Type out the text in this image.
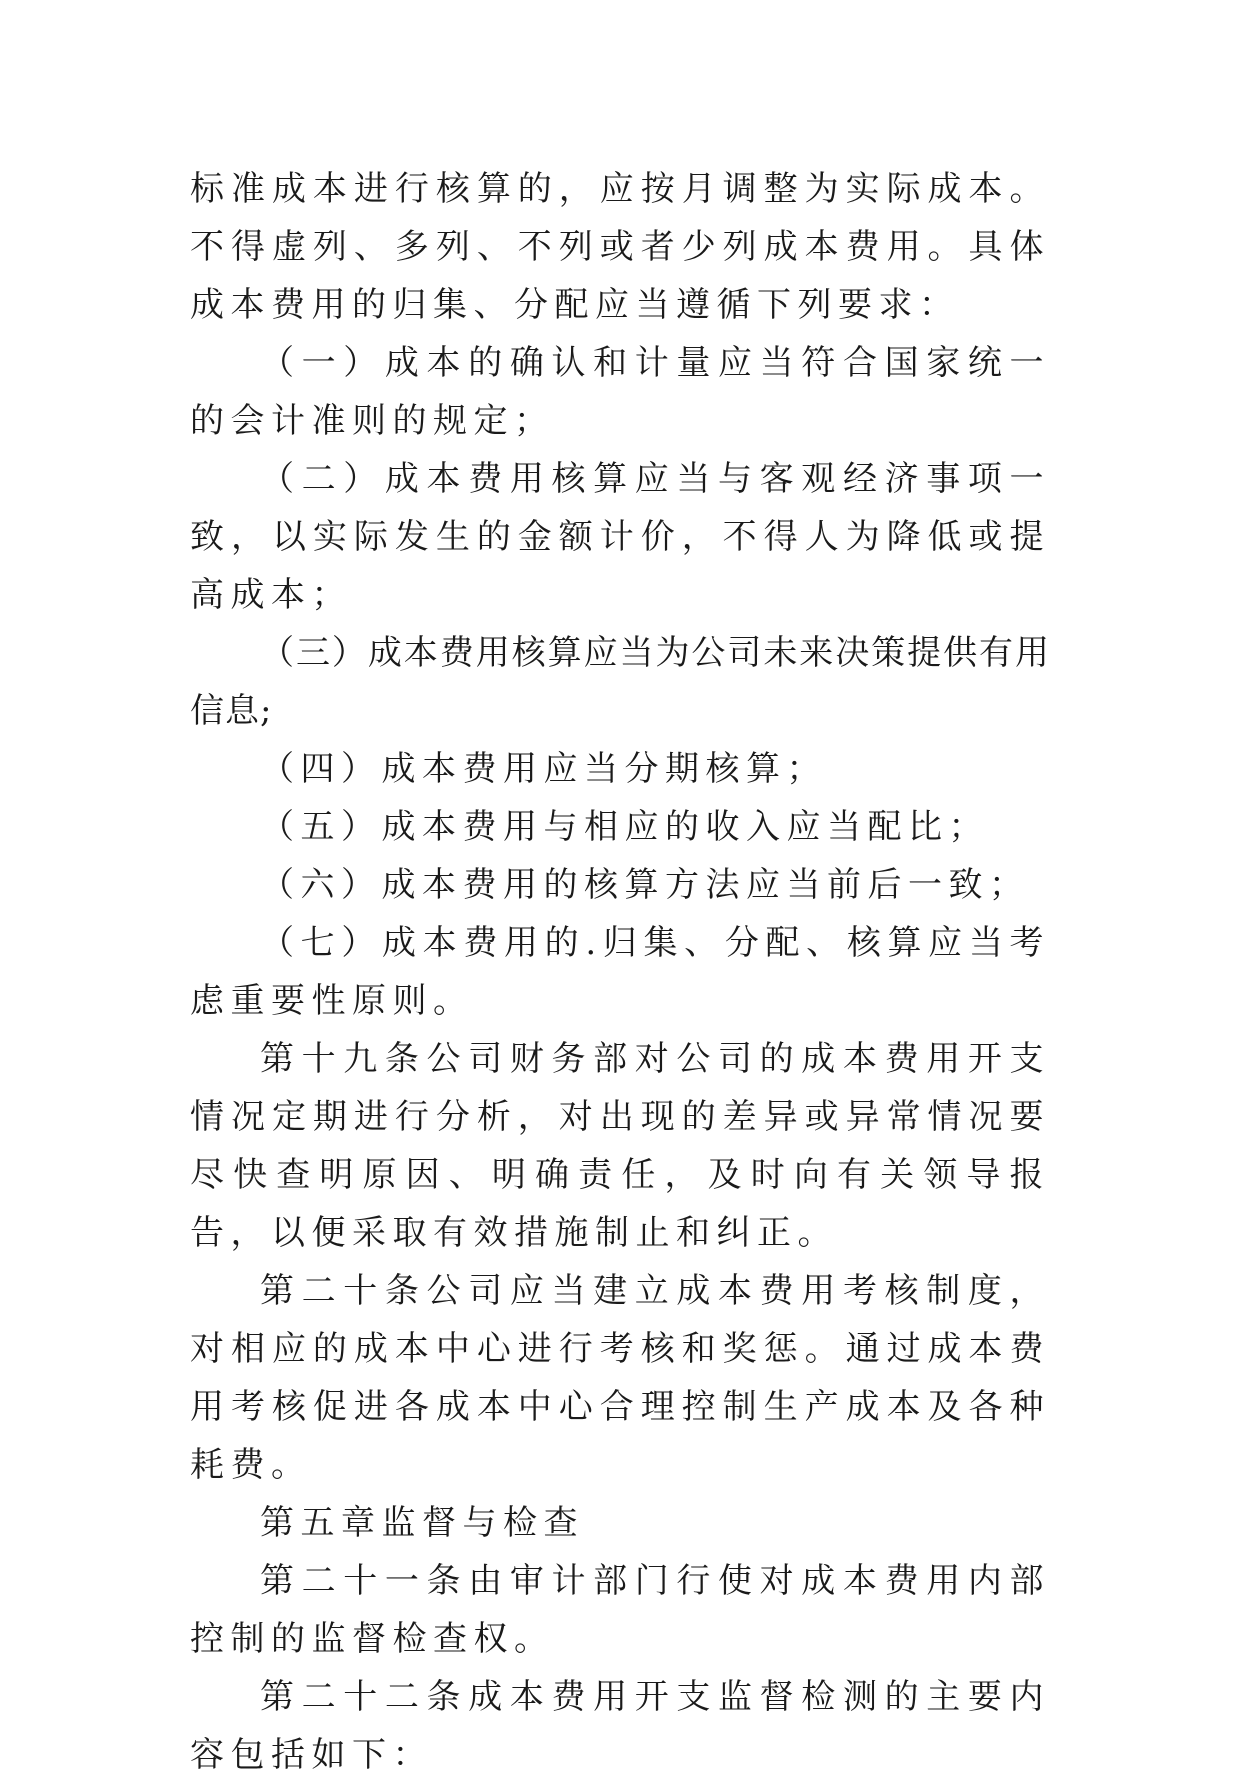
标准成本进行核算的，应按月调整为实际成本。不得虚列、多列、不列或者少列成本费用。具体成本费用的归集、分配应当遵循下列要求：

（一）成本的确认和计量应当符合国家统一的会计准则的规定；

（二）成本费用核算应当与客观经济事项一致，以实际发生的金额计价，不得人为降低或提高成本；

（三）成本费用核算应当为公司未来决策提供有用信息;

（四）成本费用应当分期核算；

（五）成本费用与相应的收入应当配比；

（六）成本费用的核算方法应当前后一致；

（七）成本费用的.归集、分配、核算应当考虑重要性原则。

第十九条公司财务部对公司的成本费用开支情况定期进行分析，对出现的差异或异常情况要尽快查明原因、明确责任，及时向有关领导报告，以便采取有效措施制止和纠正。

第二十条公司应当建立成本费用考核制度，对相应的成本中心进行考核和奖惩。通过成本费用考核促进各成本中心合理控制生产成本及各种耗费。

第五章监督与检查

第二十一条由审计部门行使对成本费用内部控制的监督检查权。

第二十二条成本费用开支监督检测的主要内容包括如下：
